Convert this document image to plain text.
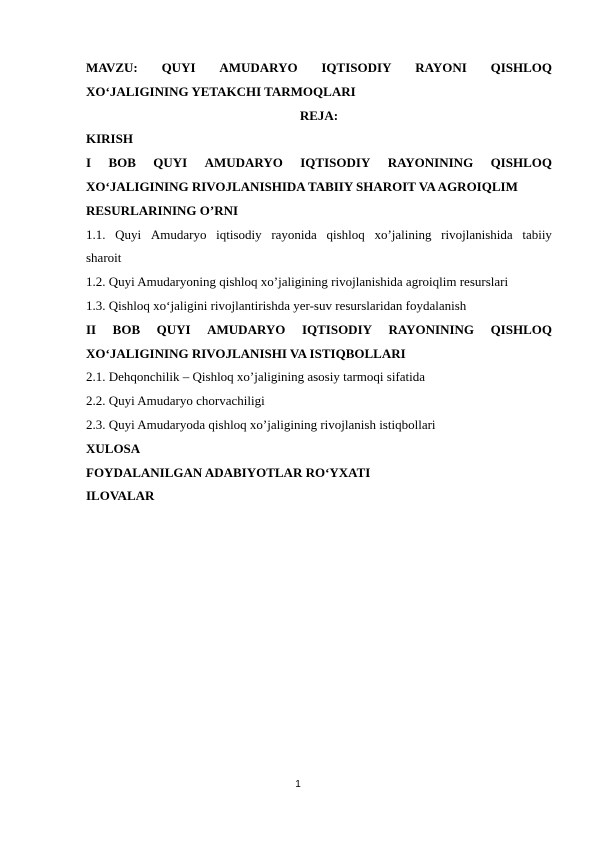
MAVZU: QUYI AMUDARYO IQTISODIY RAYONI QISHLOQ
XO‘JALIGINING YETAKCHI TARMOQLARI
REJA:
KIRISH
I BOB QUYI AMUDARYO IQTISODIY RAYONINING QISHLOQ
XO‘JALIGINING RIVOJLANISHIDA TABIIY SHAROIT VA AGROIQLIM
RESURLARINING O’RNI
1.1. Quyi Amudaryo iqtisodiy rayonida qishloq xo’jalining rivojlanishida tabiiy
sharoit
1.2. Quyi Amudaryoning qishloq xo’jaligining rivojlanishida agroiqlim resurslari
1.3. Qishloq xo‘jaligini rivojlantirishda yer-suv resurslaridan foydalanish
II BOB QUYI AMUDARYO IQTISODIY RAYONINING QISHLOQ
XO‘JALIGINING RIVOJLANISHI VA ISTIQBOLLARI
2.1. Dehqonchilik – Qishloq xo’jaligining asosiy tarmoqi sifatida
2.2. Quyi Amudaryo chorvachiligi
2.3. Quyi Amudaryoda qishloq xo’jaligining rivojlanish istiqbollari
XULOSA
FOYDALANILGAN ADABIYOTLAR RO‘YXATI
ILOVALAR
1
